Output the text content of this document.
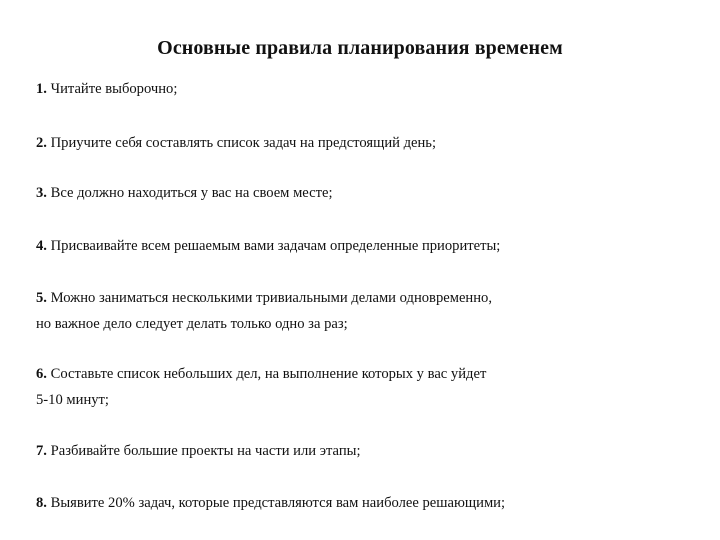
Основные правила планирования временем
1. Читайте выборочно;
2. Приучите себя составлять список задач на предстоящий день;
3. Все должно находиться у вас на своем месте;
4. Присваивайте всем решаемым вами задачам определенные приоритеты;
5. Можно заниматься несколькими тривиальными делами одновременно,
но важное дело следует делать только одно за раз;
6. Составьте список небольших дел, на выполнение которых у вас уйдет
5-10 минут;
7. Разбивайте большие проекты на части или этапы;
8. Выявите 20% задач, которые представляются вам наиболее решающими;
